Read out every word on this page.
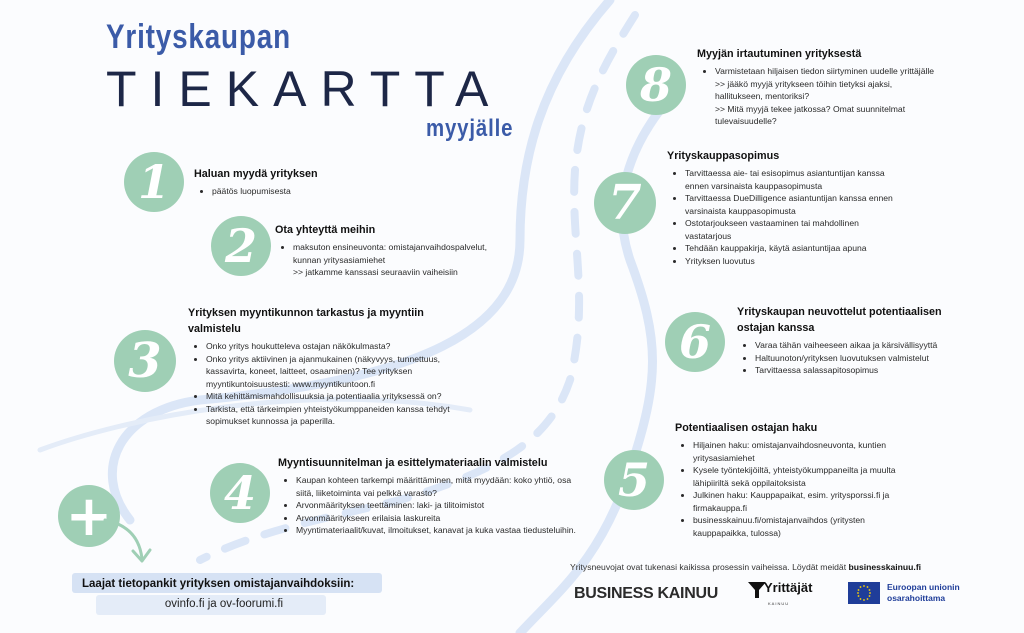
Yrityskaupan
TIEKARTTA
myyjälle
1 Haluan myydä yrityksen
• päätös luopumisesta
2 Ota yhteyttä meihin
• maksuton ensineuvonta: omistajanvaihdospalvelut, kunnan yritysasiamiehet
>> jatkamme kanssasi seuraaviin vaiheisiin
3
Yrityksen myyntikunnon tarkastus ja myyntiin valmistelu
• Onko yritys houkutteleva ostajan näkökulmasta?
• Onko yritys aktiivinen ja ajanmukainen (näkyvyys, tunnettuus, kassavirta, koneet, laitteet, osaaminen)? Tee yrityksen myyntikuntoisuustesti: www.myyntikuntoon.fi
• Mitä kehittämismahdollisuuksia ja potentiaalia yrityksessä on?
• Tarkista, että tärkeimpien yhteistyökumppaneiden kanssa tehdyt sopimukset kunnossa ja paperilla.
4
Myyntisuunnitelman ja esittelymateriaalin valmistelu
• Kaupan kohteen tarkempi määrittäminen, mitä myydään: koko yhtiö, osa siitä, liiketoiminta vai pelkkä varasto?
• Arvonmäärityksen teettäminen: laki- ja tilitoimistot
• Arvonmääritykseen erilaisia laskureita
• Myyntimateriaalit/kuvat, ilmoitukset, kanavat ja kuka vastaa tiedusteluihin.
+
5
Potentiaalisen ostajan haku
• Hiljainen haku: omistajanvaihdosneuvonta, kuntien yritysasiamiehet
• Kysele työntekijöiltä, yhteistyökumppaneilta ja muulta lähipiiriltä sekä oppilaitoksista
• Julkinen haku: Kauppapaikat, esim. yritysporssi.fi ja firmakauppa.fi
• businesskainuu.fi/omistajanvaihdos (yritysten kauppapaikka, tulossa)
6
Yrityskaupan neuvottelut potentiaalisen ostajan kanssa
• Varaa tähän vaiheeseen aikaa ja kärsivällisyyttä
• Haltuunoton/yrityksen luovutuksen valmistelut
• Tarvittaessa salassapitosopimus
7
Yrityskauppasopimus
• Tarvittaessa aie- tai esisopimus asiantuntijan kanssa ennen varsinaista kauppasopimusta
• Tarvittaessa DueDilligence asiantuntijan kanssa ennen varsinaista kauppasopimusta
• Ostotarjoukseen vastaaminen tai mahdollinen vastatarjous
• Tehdään kauppakirja, käytä asiantuntijaa apuna
• Yrityksen luovutus
8
Myyjän irtautuminen yrityksestä
• Varmistetaan hiljaisen tiedon siirtyminen uudelle yrittäjälle
>> jääkö myyjä yritykseen töihin tietyksi ajaksi, hallitukseen, mentoriksi?
>> Mitä myyjä tekee jatkossa? Omat suunnitelmat tulevaisuudelle?
Laajat tietopankit yrityksen omistajanvaihdoksiin:
ovinfo.fi ja ov-foorumi.fi
Yritysneuvojat ovat tukenasi kaikissa prosessin vaiheissa. Löydät meidät businesskainuu.fi
BUSINESS KAINUU	Yrittäjät
KAINUU
Euroopan unionin
osarahoittama
